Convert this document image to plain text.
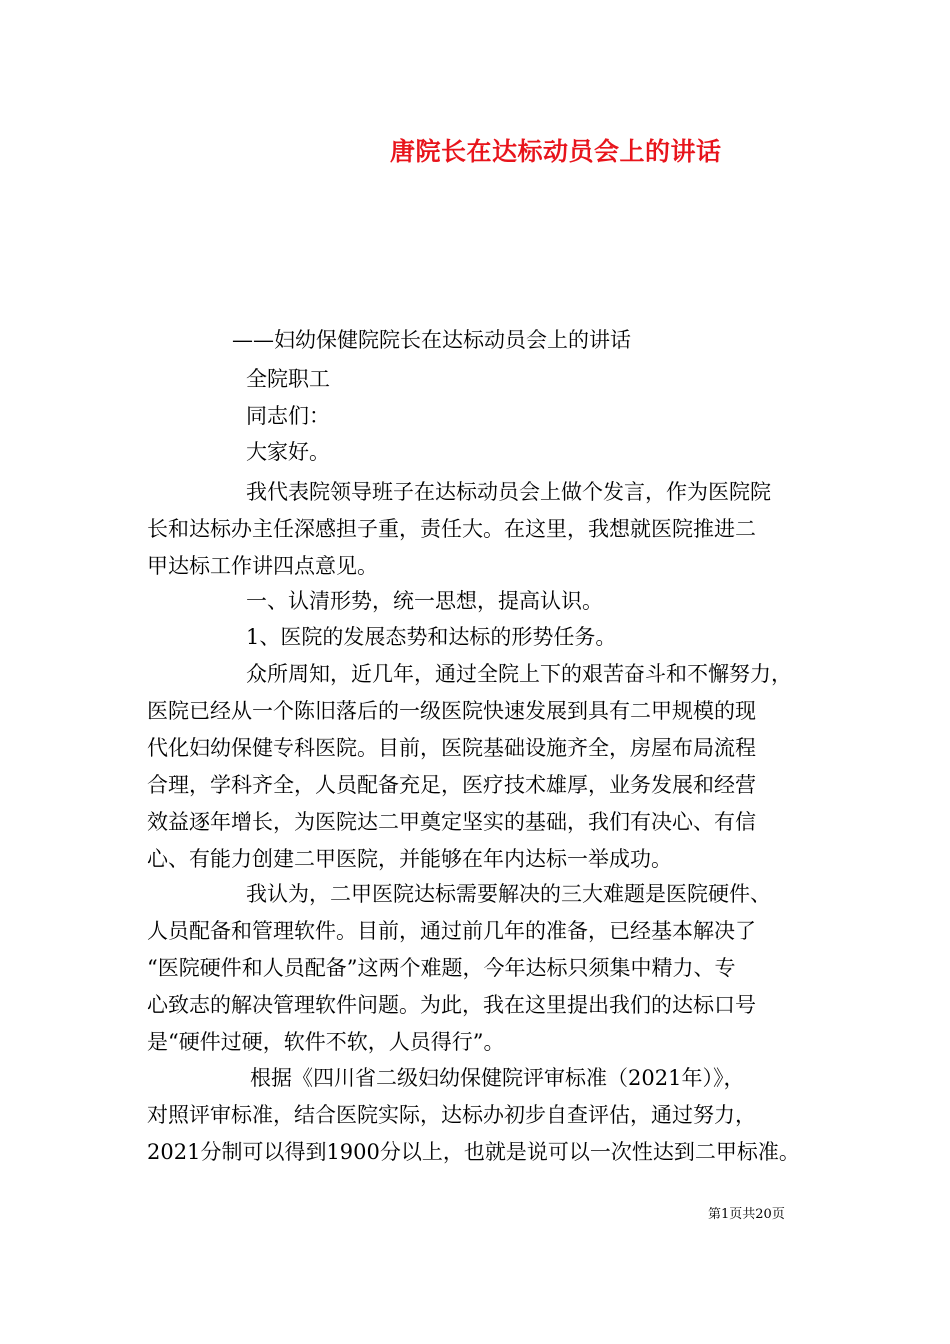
唐院长在达标动员会上的讲话
——妇幼保健院院长在达标动员会上的讲话
全院职工
同志们：
大家好。
我代表院领导班子在达标动员会上做个发言，作为医院院
长和达标办主任深感担子重，责任大。在这里，我想就医院推进二
甲达标工作讲四点意见。
一、认清形势，统一思想，提高认识。
1、医院的发展态势和达标的形势任务。
众所周知，近几年，通过全院上下的艰苦奋斗和不懈努力，
医院已经从一个陈旧落后的一级医院快速发展到具有二甲规模的现
代化妇幼保健专科医院。目前，医院基础设施齐全，房屋布局流程
合理，学科齐全，人员配备充足，医疗技术雄厚，业务发展和经营
效益逐年增长，为医院达二甲奠定坚实的基础，我们有决心、有信
心、有能力创建二甲医院，并能够在年内达标一举成功。
我认为，二甲医院达标需要解决的三大难题是医院硬件、
人员配备和管理软件。目前，通过前几年的准备，已经基本解决了
“医院硬件和人员配备”这两个难题，今年达标只须集中精力、专
心致志的解决管理软件问题。为此，我在这里提出我们的达标口号
是“硬件过硬，软件不软，人员得行”。
根据《四川省二级妇幼保健院评审标准（2021年）》，
对照评审标准，结合医院实际，达标办初步自查评估，通过努力，
2021分制可以得到1900分以上，也就是说可以一次性达到二甲标准。
第1页共20页
